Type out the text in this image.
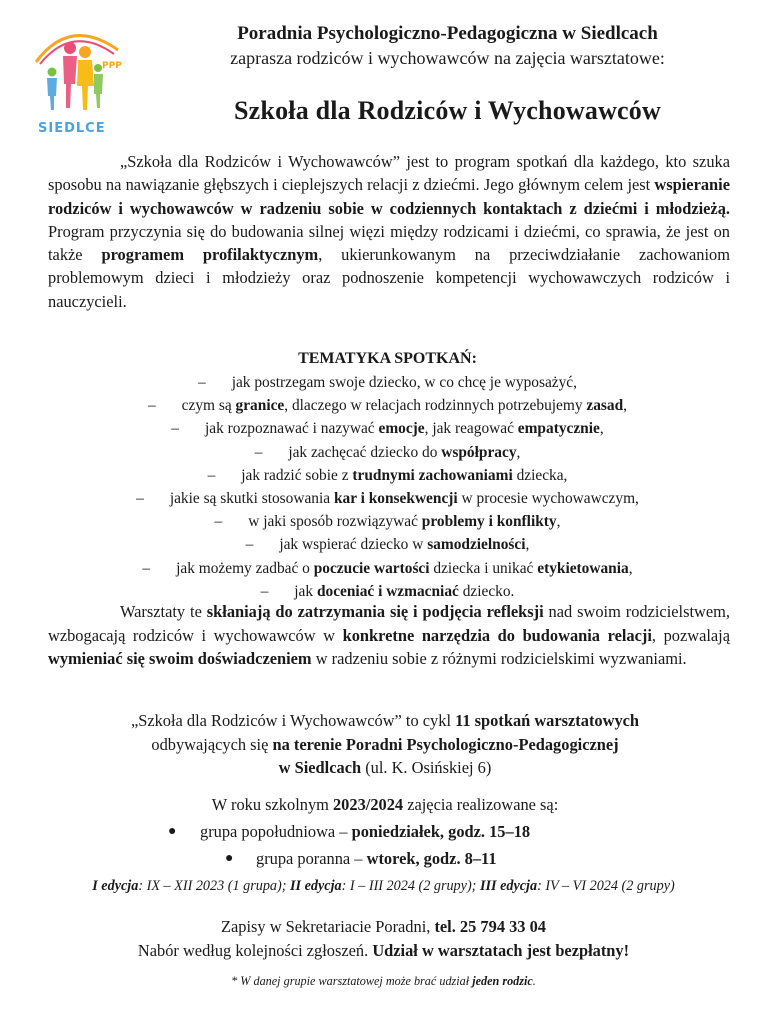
PPP
SIEDLCE
Poradnia Psychologiczno-Pedagogiczna w Siedlcach
zaprasza rodziców i wychowawców na zajęcia warsztatowe:
Szkoła dla Rodziców i Wychowawców

„Szkoła dla Rodziców i Wychowawców” jest to program spotkań dla każdego, kto szuka sposobu na nawiązanie głębszych i cieplejszych relacji z dziećmi. Jego głównym celem jest wspieranie rodziców i wychowawców w radzeniu sobie w codziennych kontaktach z dziećmi i młodzieżą. Program przyczynia się do budowania silnej więzi między rodzicami i dziećmi, co sprawia, że jest on także programem profilaktycznym, ukierunkowanym na przeciwdziałanie zachowaniom problemowym dzieci i młodzieży oraz podnoszenie kompetencji wychowawczych rodziców i nauczycieli.

TEMATYKA SPOTKAŃ:
– jak postrzegam swoje dziecko, w co chcę je wyposażyć,
– czym są granice, dlaczego w relacjach rodzinnych potrzebujemy zasad,
– jak rozpoznawać i nazywać emocje, jak reagować empatycznie,
– jak zachęcać dziecko do współpracy,
– jak radzić sobie z trudnymi zachowaniami dziecka,
– jakie są skutki stosowania kar i konsekwencji w procesie wychowawczym,
– w jaki sposób rozwiązywać problemy i konflikty,
– jak wspierać dziecko w samodzielności,
– jak możemy zadbać o poczucie wartości dziecka i unikać etykietowania,
– jak doceniać i wzmacniać dziecko.

Warsztaty te skłaniają do zatrzymania się i podjęcia refleksji nad swoim rodzicielstwem, wzbogacają rodziców i wychowawców w konkretne narzędzia do budowania relacji, pozwalają wymieniać się swoim doświadczeniem w radzeniu sobie z różnymi rodzicielskimi wyzwaniami.

„Szkoła dla Rodziców i Wychowawców” to cykl 11 spotkań warsztatowych

odbywających się na terenie Poradni Psychologiczno-Pedagogicznej

w Siedlcach (ul. K. Osińskiej 6)

W roku szkolnym 2023/2024 zajęcia realizowane są:

● grupa popołudniowa – poniedziałek, godz. 15–18
● grupa poranna – wtorek, godz. 8–11
I edycja: IX – XII 2023 (1 grupa); II edycja: I – III 2024 (2 grupy); III edycja: IV – VI 2024 (2 grupy)

Zapisy w Sekretariacie Poradni, tel. 25 794 33 04

Nabór według kolejności zgłoszeń. Udział w warsztatach jest bezpłatny!

* W danej grupie warsztatowej może brać udział jeden rodzic.
